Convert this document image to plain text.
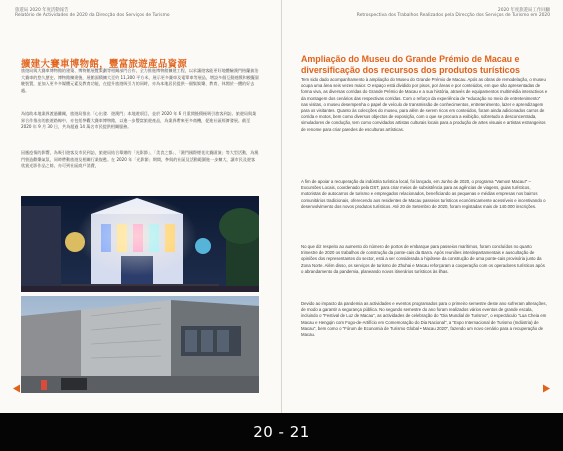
旅遊局 2020 年度活動報告
Relatório de Actividades de 2020 da Direcção dos Serviços de Turismo
擴建大賽車博物館，豐富旅遊產品資源

旅遊局與大賽車博物館的建築、博物館展覽策劃等相關部門合作，全力推進博物館擴建工程，以求讓遊客能更好地體驗澳門格蘭披治大賽車的悠久歷史。博物館擴建後，展館面積擴大至約 11,300 平方米，展示更多賽車及電單車等展品，增設多個互動遊戲和模擬駕駛裝置，並加入更多多媒體元素及教育功能，在提升旅遊吸引力的同時，亦為本地居民提供一個集娛樂、教育、休閒於一體的好去處。

為協助本地業界渡過難關，旅遊局推出「心出發．遊澳門」本地遊項目，並於 2020 年 6 月重開後積極吸引旅客到訪。旅遊局與業界合作推出的旅遊路線中，亦包括參觀大賽車博物館，以進一步豐富旅遊產品，為業界帶來更多商機，促進社區經濟發展。截至 2020 年 9 月 30 日，共為超過 14 萬名市民提供相關服務。

因應疫情的影響，為吸引遊客及市民到訪，旅遊局結合舉辦的「光影節」、「美食之都」、「澳門國際煙花比賽匯演」等大型活動，為澳門營造歡樂氣氛，同時帶動旅遊及相關行業復甦。在 2020 年「光影節」期間，參與的社區及活動範圍進一步擴大，讓市民及遊客欣賞光影作品之餘，亦可到社區商戶消費，

2020 年度旅遊局工作回顧
Retrospectiva dos Trabalhos Realizados pela Direcção dos Serviços de Turismo em 2020
Ampliação do Museu do Grande Prémio de Macau e diversificação dos recursos dos produtos turísticos

Tem sido dado acompanhamento à ampliação do Museu do Grande Prémio de Macau. Após as obras de remodelação, o museu ocupa uma área seis vezes maior. O espaço está dividido por pisos, por áreas e por conteúdos, em que são apresentadas de forma viva, as diversas corridas do Grande Prémio de Macau e a sua história, através de equipamentos multimédia interactivos e da montagem dos cenários das respectivas corridas. Com o reforço da experiência de "educação no meio de entretenimento" nas visitas, o museu desempenha o papel de veículo de transmissão de conhecimentos, entretenimento, lazer e aprendizagem para os visitantes. Quanto às colecções do museu, para além de serem ricos em conteúdos, foram ainda adicionados carros de corrida e motos, bem como diversos objectos de exposição, com o que se procura a exibição, sobretudo a desconcentrada, simuladores de condução, tem como convidados artistas culturais locais para a produção de artes visuais e artistas estrangeiros de renome para criar paredes de esculturas artísticas.

A fim de apoiar a recuperação da indústria turística local, foi lançado, em Junho de 2020, o programa "Vamos! Macau!" – Excursões Locais, coordenado pela DST, para criar meios de subsistência para as agências de viagens, guias turísticos, motoristas de autocarros de turismo e empregados relacionados, beneficiando as pequenas e médias empresas nos bairros comunitários tradicionais, oferecendo aos residentes de Macau passeios turísticos económicamente acessíveis e incentivando o desenvolvimento dos novos produtos turísticos. Até 20 de Setembro de 2020, foram registadas mais de 140.000 inscrições.

No que diz respeito ao aumento do número de portos de embarque para passeios marítimos, foram concluídos no quarto trimestre de 2020 os trabalhos de construção da ponte-cais da Barra. Após reuniões interdepartamentais e auscultação de opiniões dos representantes do sector, está a ser considerada a hipótese da construção de uma ponte-cais provisória junto da Zona Norte. Além disso, os serviços de turismo de Zhuhai e Macau reforçaram a cooperação com os operadores turísticos após o abrandamento da pandemia, planeando novos itinerários turísticos às ilhas.

Devido ao impacto da pandemia as actividades e eventos programados para o primeiro semestre deste ano sofreram alterações, de modo a garantir a segurança pública. No segundo semestre do ano foram realizados vários eventos de grande escala, incluindo o "Festival de Luz de Macau", as actividades de celebração do "Dia Mundial de Turismo", o espectáculo "Lua Cheia em Macau e Hengqin com Fogo-de-Artifício em Comemoração do Dia Nacional", a "Expo Internacional de Turismo (Indústria) de Macau", bem como o "Fórum de Economia de Turismo Global • Macau 2020", fazendo um novo cenário para a recuperação de Macau.

20 - 21
